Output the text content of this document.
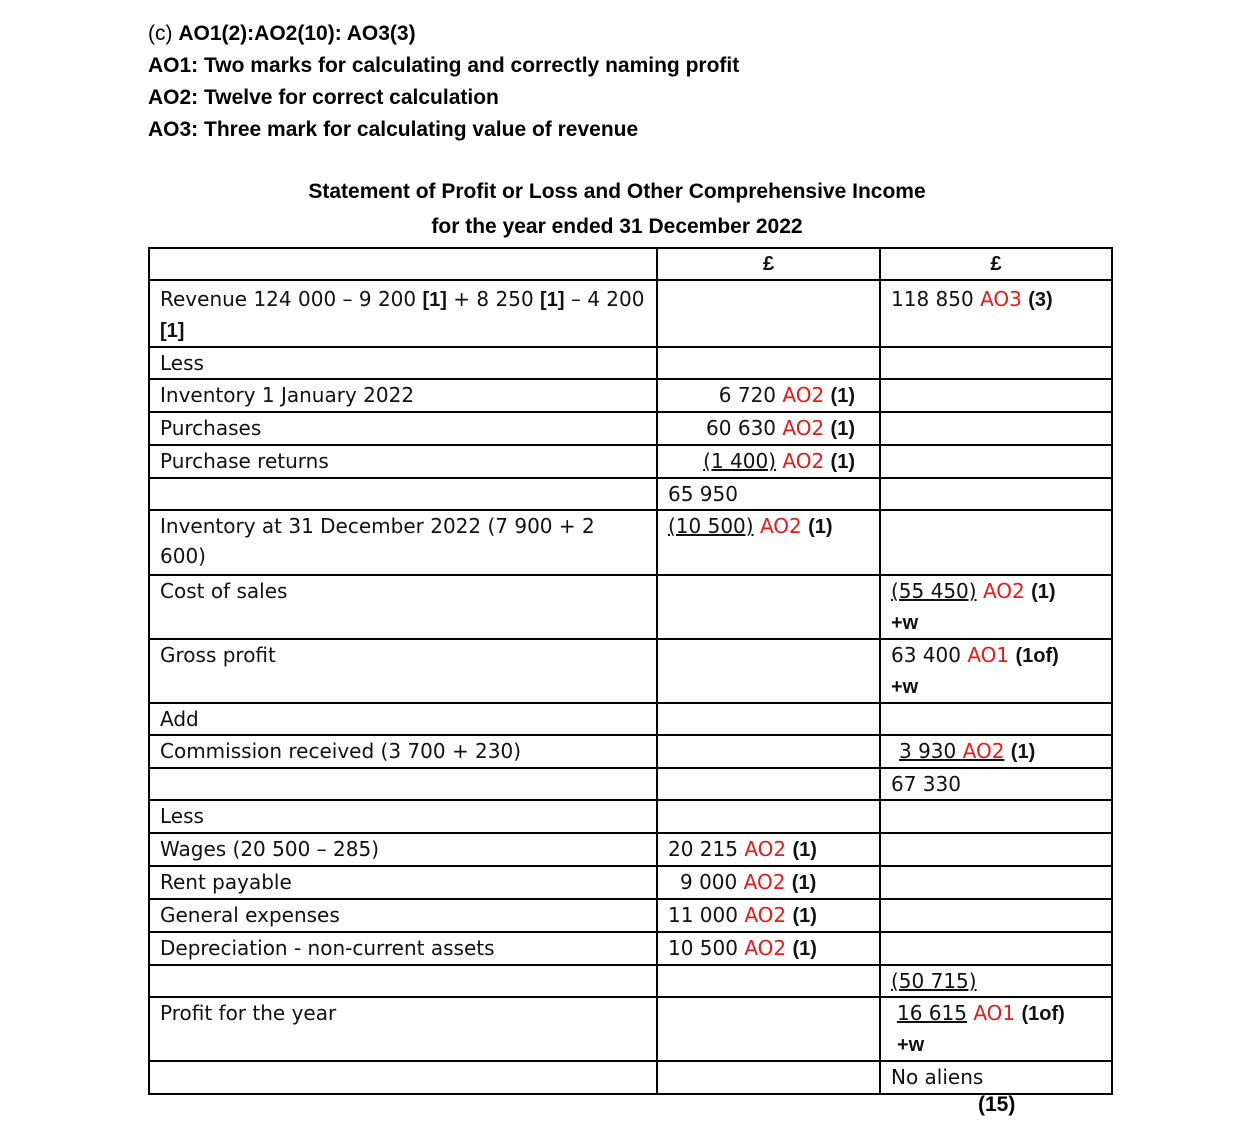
(c) AO1(2):AO2(10): AO3(3)
AO1: Two marks for calculating and correctly naming profit
AO2: Twelve for correct calculation
AO3: Three mark for calculating value of revenue
Statement of Profit or Loss and Other Comprehensive Income
for the year ended 31 December 2022
	£	£
Revenue 124 000 – 9 200 [1] + 8 250 [1] – 4 200 [1]		118 850 AO3 (3)
Less		
Inventory 1 January 2022	6 720 AO2 (1)	
Purchases	60 630 AO2 (1)	
Purchase returns	(1 400) AO2 (1)	
	65 950	
Inventory at 31 December 2022 (7 900 + 2 600)	(10 500) AO2 (1)	
Cost of sales		(55 450) AO2 (1)
+w
Gross profit		63 400 AO1 (1of)
+w
Add		
Commission received (3 700 + 230)		3 930 AO2 (1)
		67 330
Less		
Wages (20 500 – 285)	20 215 AO2 (1)	
Rent payable	9 000 AO2 (1)	
General expenses	11 000 AO2 (1)	
Depreciation - non-current assets	10 500 AO2 (1)	
		(50 715)
Profit for the year		16 615 AO1 (1of)
+w
		No aliens
(15)
